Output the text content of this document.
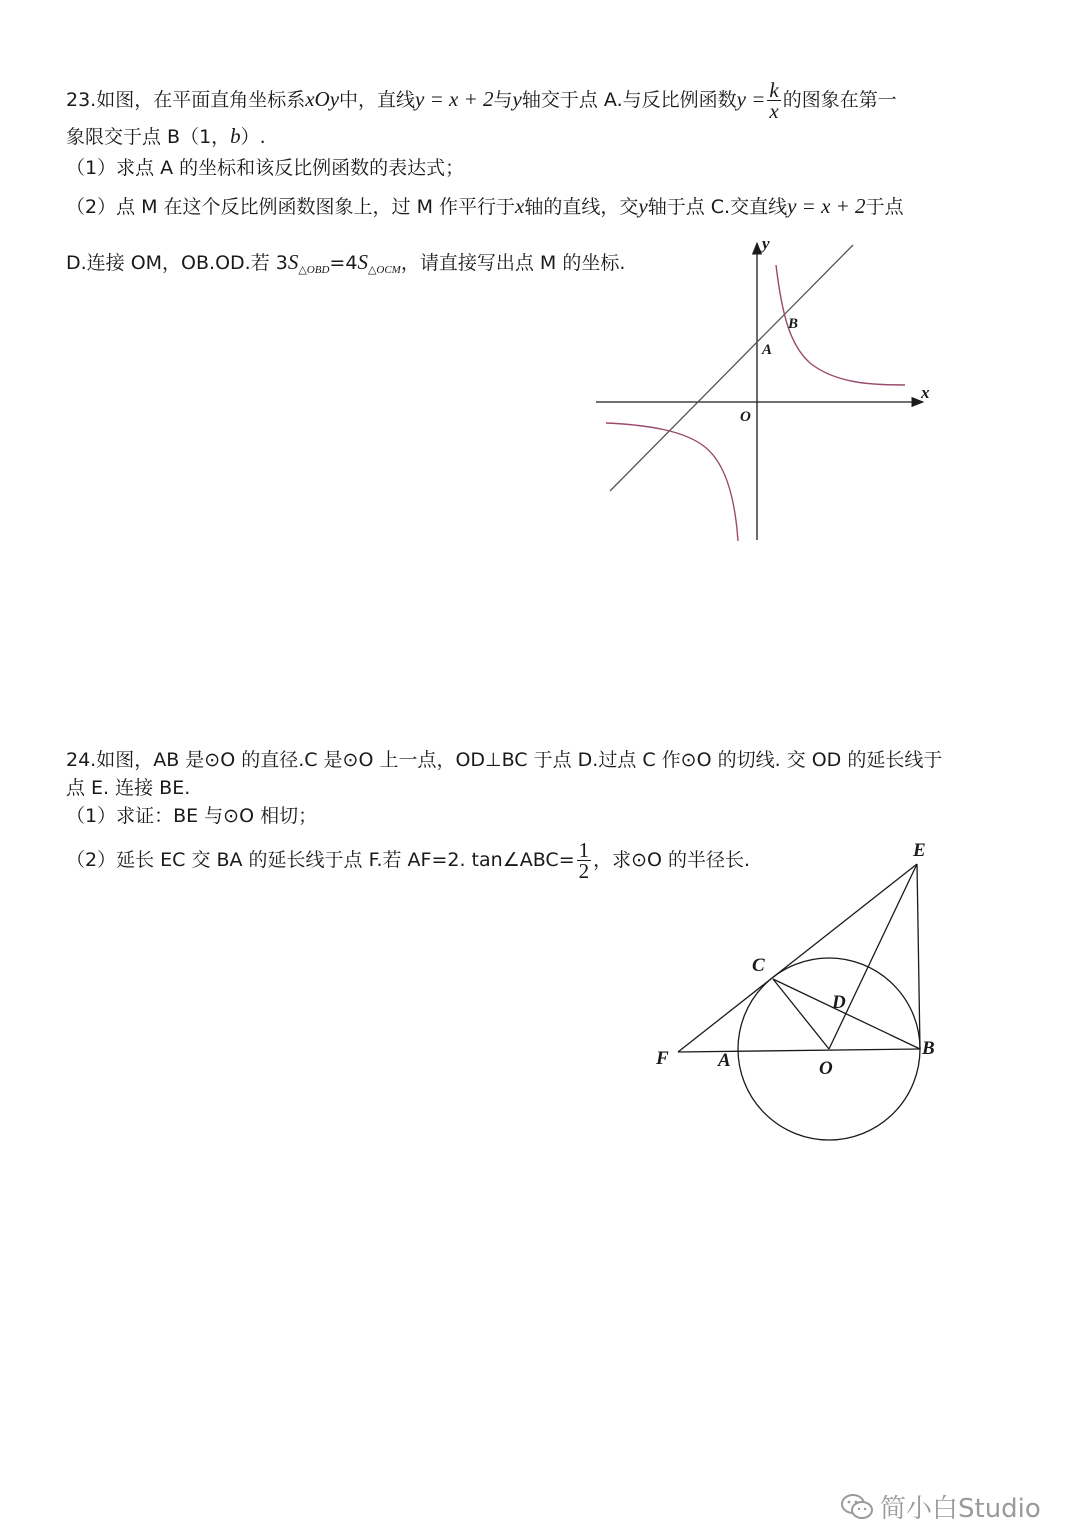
23.如图，在平面直角坐标系xOy中，直线y = x + 2与y轴交于点 A.与反比例函数$y = \frac{k}{x}$ 的图象在第一
象限交于点 B（1，b）.
（1）求点 A 的坐标和该反比例函数的表达式；
（2）点 M 在这个反比例函数图象上，过 M 作平行于x轴的直线，交y轴于点 C.交直线y = x + 2于点
D.连接 OM，OB.OD.若 $3S_{\triangle OBD}=4S_{\triangle OCM}$，请直接写出点 M 的坐标.
x
y
A
B
O
24.如图，AB 是⊙O 的直径.C 是⊙O 上一点，OD⊥BC 于点 D.过点 C 作⊙O 的切线. 交 OD 的延长线于
点 E. 连接 BE.
（1）求证：BE 与⊙O 相切；
（2）延长 EC 交 BA 的延长线于点 F.若 AF=2. tan∠ABC= $\frac{1}{2}$ ，求⊙O 的半径长.	E
C
D
F	A	O
B
简小白Studio
